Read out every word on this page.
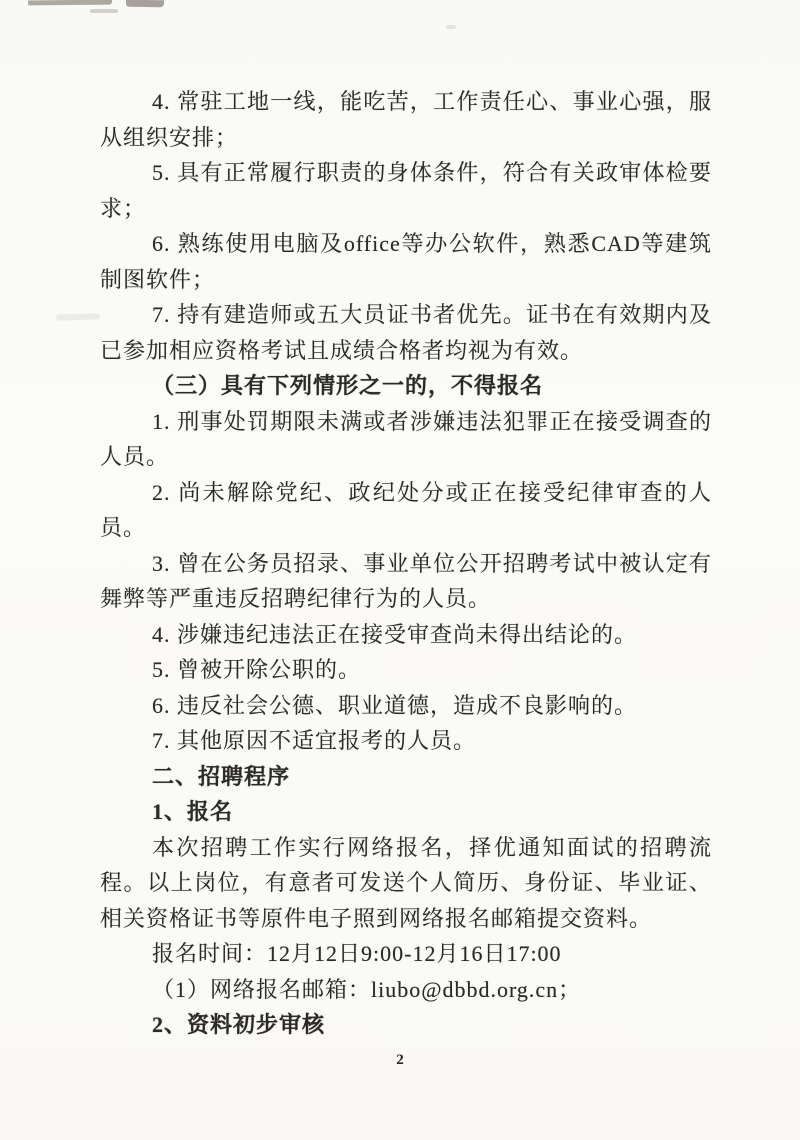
4. 常驻工地一线，能吃苦，工作责任心、事业心强，服从组织安排；

5. 具有正常履行职责的身体条件，符合有关政审体检要求；

6. 熟练使用电脑及office等办公软件，熟悉CAD等建筑制图软件；

7. 持有建造师或五大员证书者优先。证书在有效期内及已参加相应资格考试且成绩合格者均视为有效。

（三）具有下列情形之一的，不得报名

1. 刑事处罚期限未满或者涉嫌违法犯罪正在接受调查的人员。

2. 尚未解除党纪、政纪处分或正在接受纪律审查的人员。

3. 曾在公务员招录、事业单位公开招聘考试中被认定有舞弊等严重违反招聘纪律行为的人员。

4. 涉嫌违纪违法正在接受审查尚未得出结论的。

5. 曾被开除公职的。

6. 违反社会公德、职业道德，造成不良影响的。

7. 其他原因不适宜报考的人员。

二、招聘程序

1、报名

本次招聘工作实行网络报名，择优通知面试的招聘流程。以上岗位，有意者可发送个人简历、身份证、毕业证、相关资格证书等原件电子照到网络报名邮箱提交资料。

报名时间：12月12日9:00-12月16日17:00

（1）网络报名邮箱：liubo@dbbd.org.cn；

2、资料初步审核

2
